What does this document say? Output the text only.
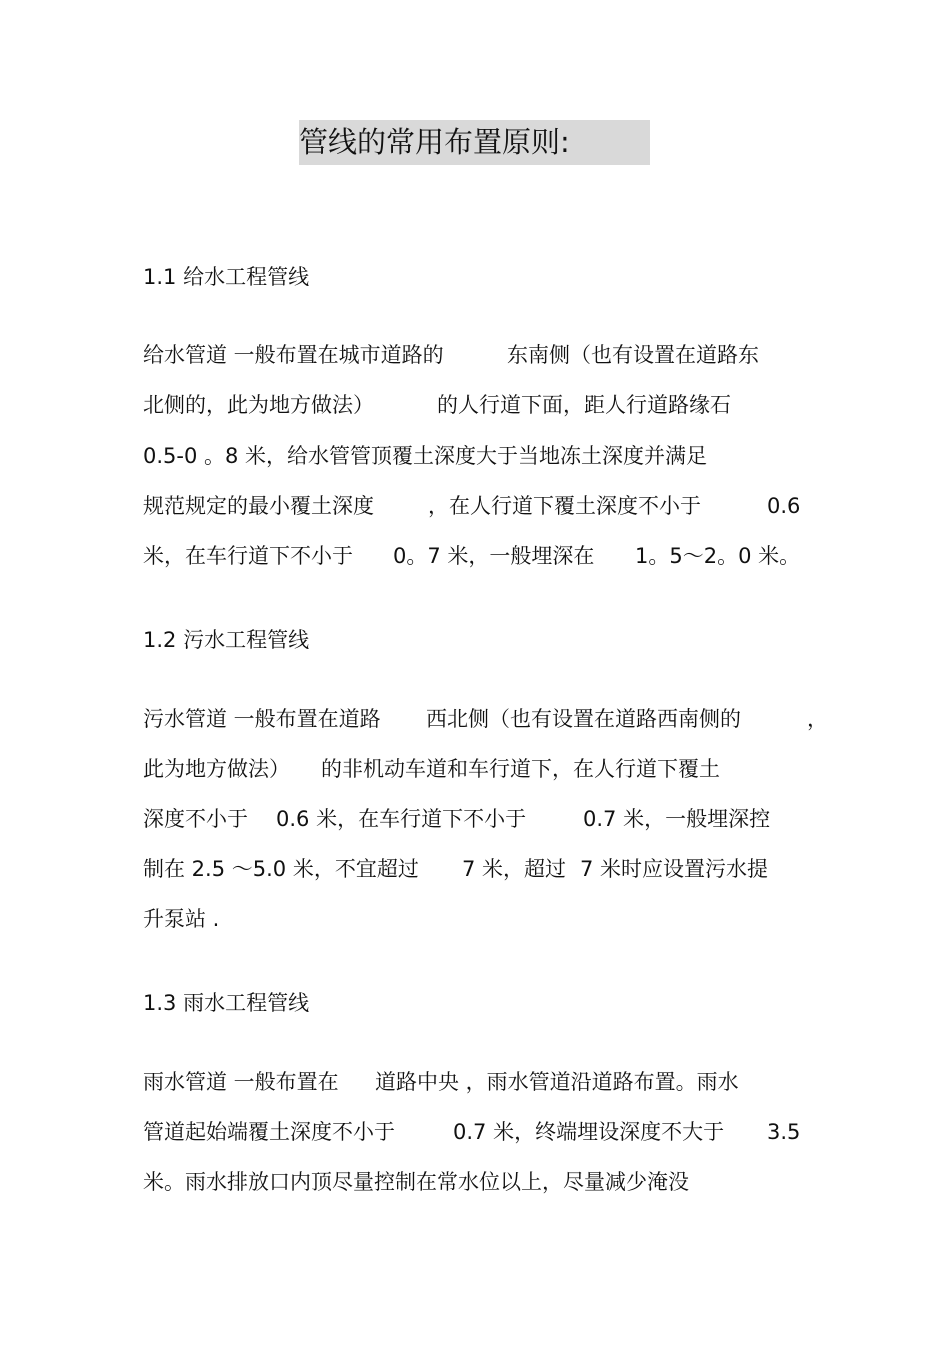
管线的常用布置原则:
1.1 给水工程管线
给水管道 一般布置在城市道路的	东南侧（也有设置在道路东
北侧的，此为地方做法）	的人行道下面，距人行道路缘石
0.5-0 。8 米，给水管管顶覆土深度大于当地冻土深度并满足
规范规定的最小覆土深度	，在人行道下覆土深度不小于	0.6
米，在车行道下不小于 0。7 米，一般埋深在 1。5～2。0 米。
1.2 污水工程管线
污水管道 一般布置在道路 西北侧（也有设置在道路西南侧的	，
此为地方做法） 的非机动车道和车行道下，在人行道下覆土
深度不小于 0.6 米，在车行道下不小于	0.7 米，一般埋深控
制在 2.5 ～5.0 米，不宜超过 7 米，超过 7 米时应设置污水提
升泵站 .
1.3 雨水工程管线
雨水管道 一般布置在 道路中央 ，雨水管道沿道路布置。雨水
管道起始端覆土深度不小于	0.7 米，终端埋设深度不大于 3.5
米。雨水排放口内顶尽量控制在常水位以上，尽量减少淹没
